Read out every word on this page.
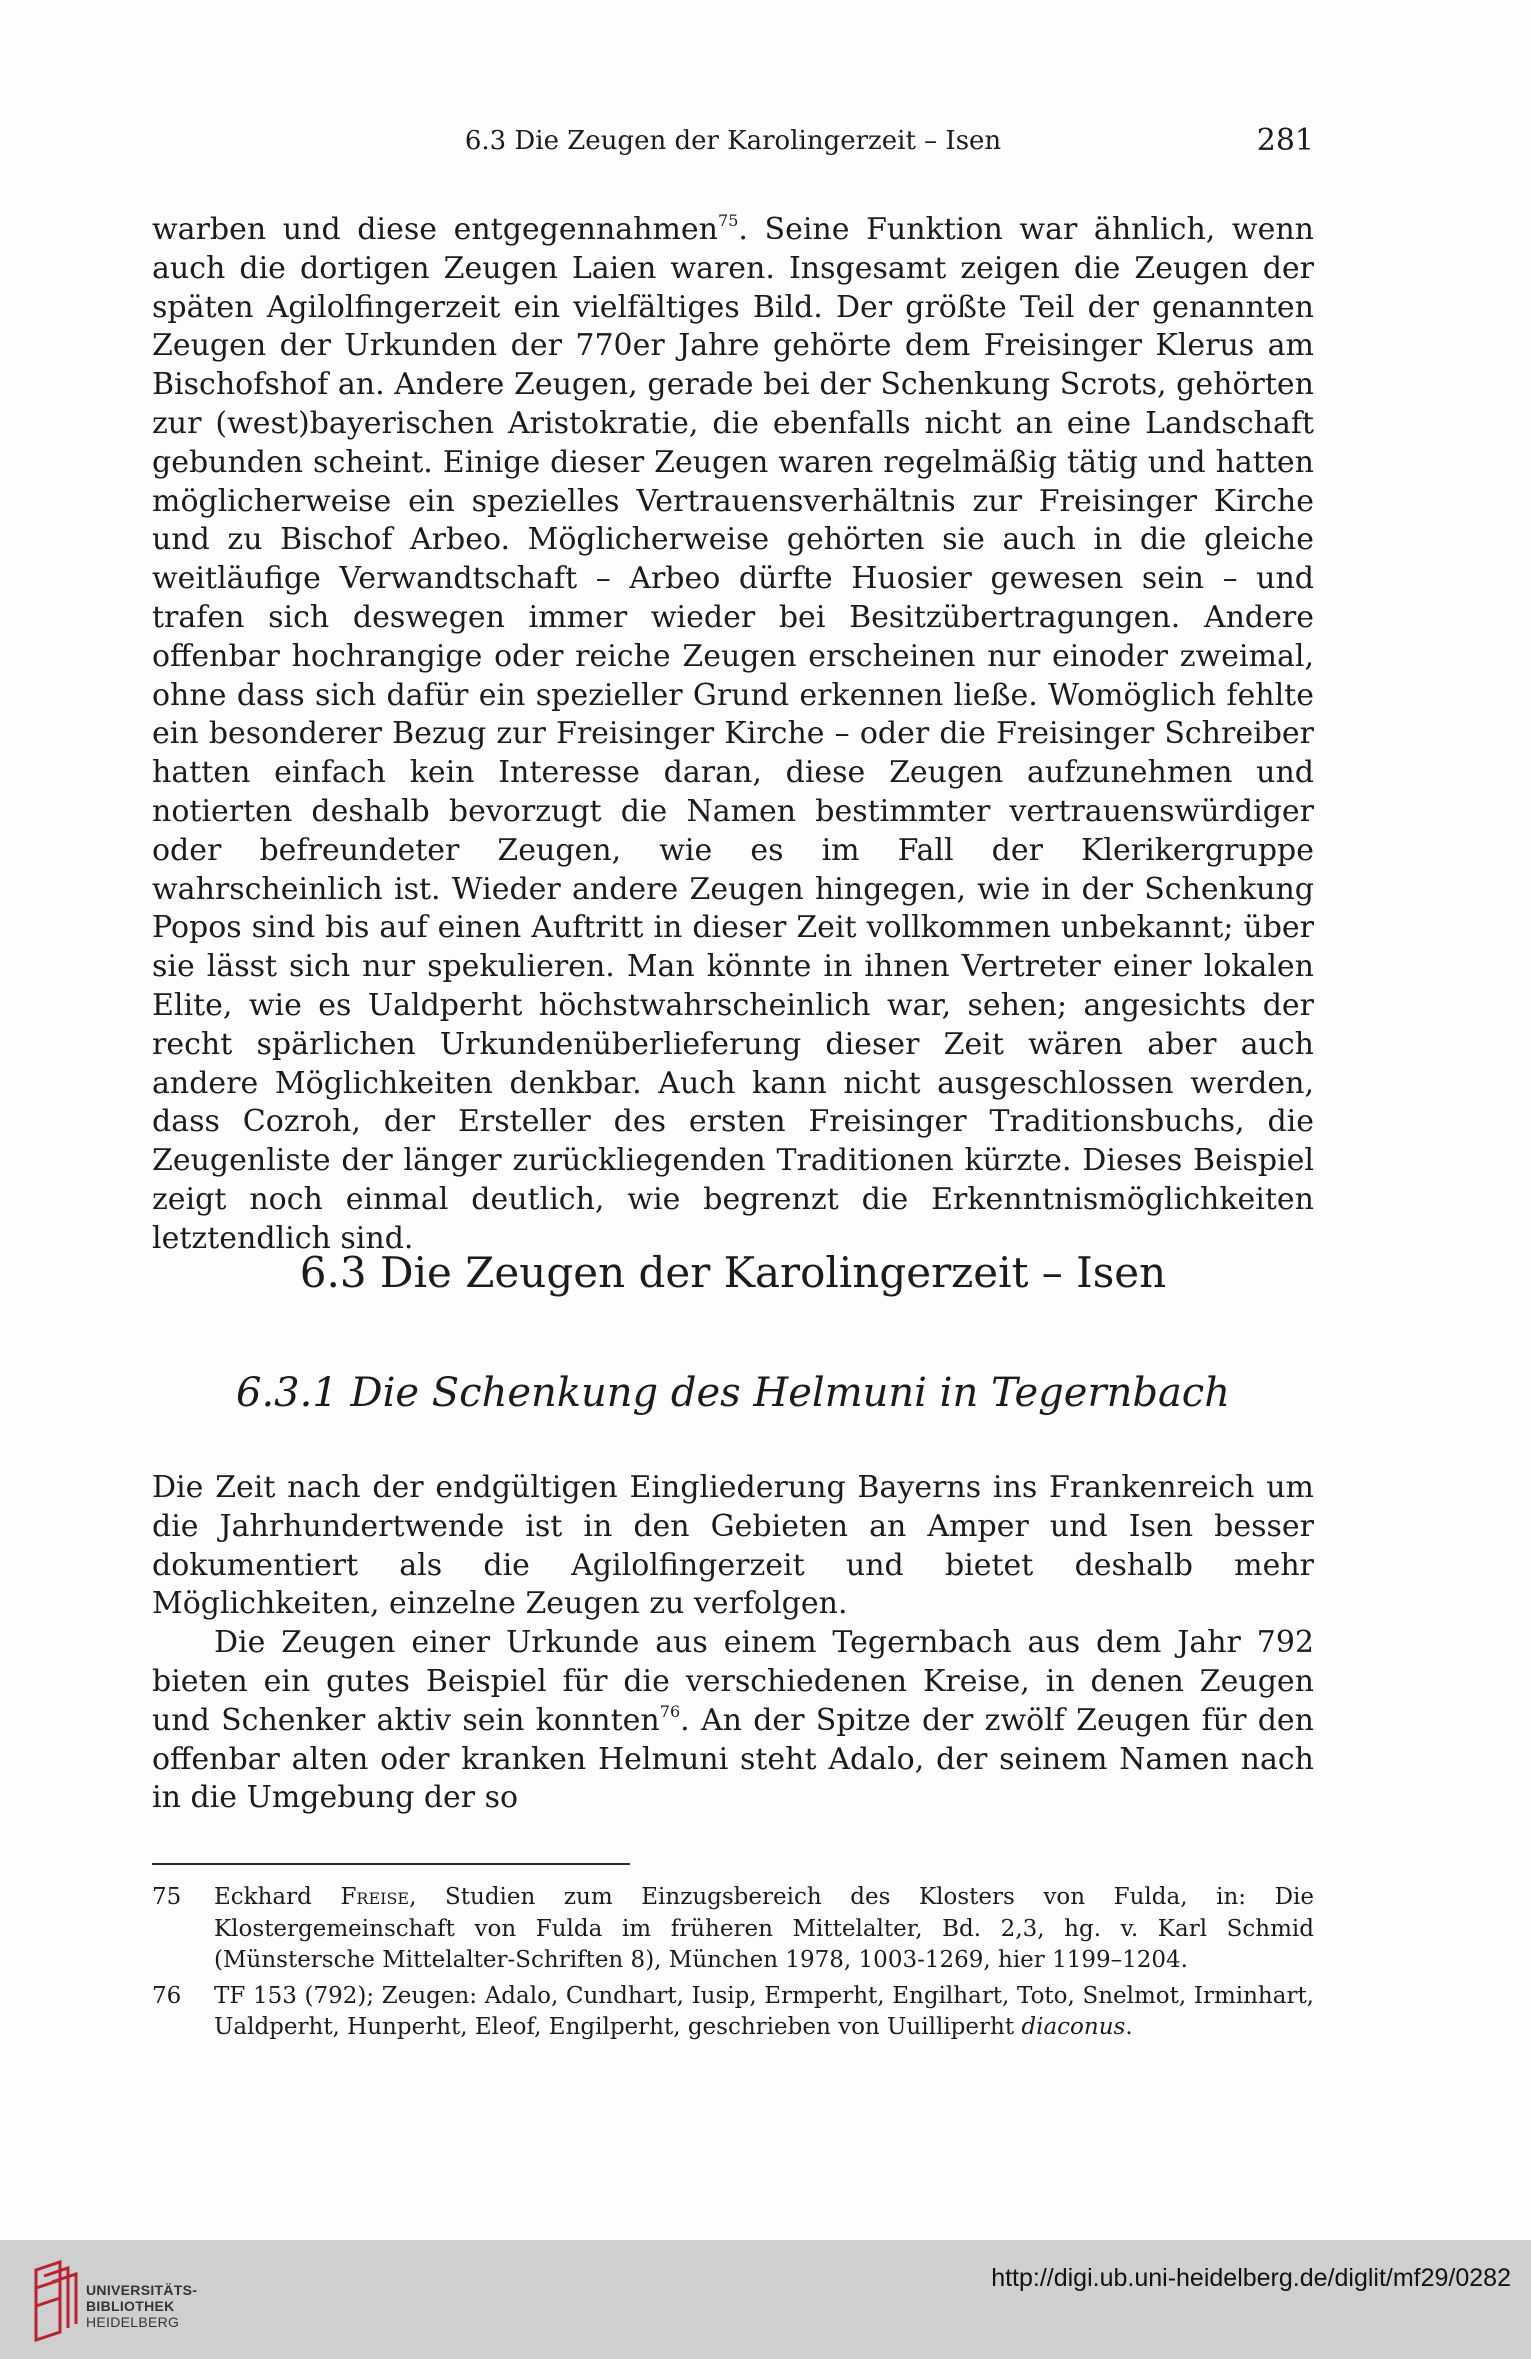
6.3 Die Zeugen der Karolingerzeit – Isen	281

warben und diese entgegennahmen$^{75}$. Seine Funktion war ähnlich, wenn auch die dortigen Zeugen Laien waren. Insgesamt zeigen die Zeugen der späten Agilolfingerzeit ein vielfältiges Bild. Der größte Teil der genannten Zeugen der Urkunden der 770er Jahre gehörte dem Freisinger Klerus am Bischofshof an. Andere Zeugen, gerade bei der Schenkung Scrots, gehörten zur (west)bayerischen Aristokratie, die ebenfalls nicht an eine Landschaft gebunden scheint. Einige dieser Zeugen waren regelmäßig tätig und hatten möglicherweise ein spezielles Vertrauensverhältnis zur Freisinger Kirche und zu Bischof Arbeo. Möglicherweise gehörten sie auch in die gleiche weitläufige Verwandtschaft – Arbeo dürfte Huosier gewesen sein – und trafen sich deswegen immer wieder bei Besitzübertragungen. Andere offenbar hochrangige oder reiche Zeugen erscheinen nur einoder zweimal, ohne dass sich dafür ein spezieller Grund erkennen ließe. Womöglich fehlte ein besonderer Bezug zur Freisinger Kirche – oder die Freisinger Schreiber hatten einfach kein Interesse daran, diese Zeugen aufzunehmen und notierten deshalb bevorzugt die Namen bestimmter vertrauenswürdiger oder befreundeter Zeugen, wie es im Fall der Klerikergruppe wahrscheinlich ist. Wieder andere Zeugen hingegen, wie in der Schenkung Popos sind bis auf einen Auftritt in dieser Zeit vollkommen unbekannt; über sie lässt sich nur spekulieren. Man könnte in ihnen Vertreter einer lokalen Elite, wie es Ualdperht höchstwahrscheinlich war, sehen; angesichts der recht spärlichen Urkundenüberlieferung dieser Zeit wären aber auch andere Möglichkeiten denkbar. Auch kann nicht ausgeschlossen werden, dass Cozroh, der Ersteller des ersten Freisinger Traditionsbuchs, die Zeugenliste der länger zurückliegenden Traditionen kürzte. Dieses Beispiel zeigt noch einmal deutlich, wie begrenzt die Erkenntnismöglichkeiten letztendlich sind.

6.3 Die Zeugen der Karolingerzeit – Isen
6.3.1 Die Schenkung des Helmuni in Tegernbach

Die Zeit nach der endgültigen Eingliederung Bayerns ins Frankenreich um die Jahrhundertwende ist in den Gebieten an Amper und Isen besser dokumentiert als die Agilolfingerzeit und bietet deshalb mehr Möglichkeiten, einzelne Zeugen zu verfolgen.

Die Zeugen einer Urkunde aus einem Tegernbach aus dem Jahr 792 bieten ein gutes Beispiel für die verschiedenen Kreise, in denen Zeugen und Schenker aktiv sein konnten$^{76}$. An der Spitze der zwölf Zeugen für den offenbar alten oder kranken Helmuni steht Adalo, der seinem Namen nach in die Umgebung der so

75 Eckhard Freise, Studien zum Einzugsbereich des Klosters von Fulda, in: Die Klostergemeinschaft von Fulda im früheren Mittelalter, Bd. 2,3, hg. v. Karl Schmid (Münstersche Mittelalter-Schriften 8), München 1978, 1003-1269, hier 1199–1204.

76 TF 153 (792); Zeugen: Adalo, Cundhart, Iusip, Ermperht, Engilhart, Toto, Snelmot, Irminhart, Ualdperht, Hunperht, Eleof, Engilperht, geschrieben von Uuilliperht diaconus.

UNIVERSITÄTS-
BIBLIOTHEK
HEIDELBERG
http://digi.ub.uni-heidelberg.de/diglit/mf29/0282
